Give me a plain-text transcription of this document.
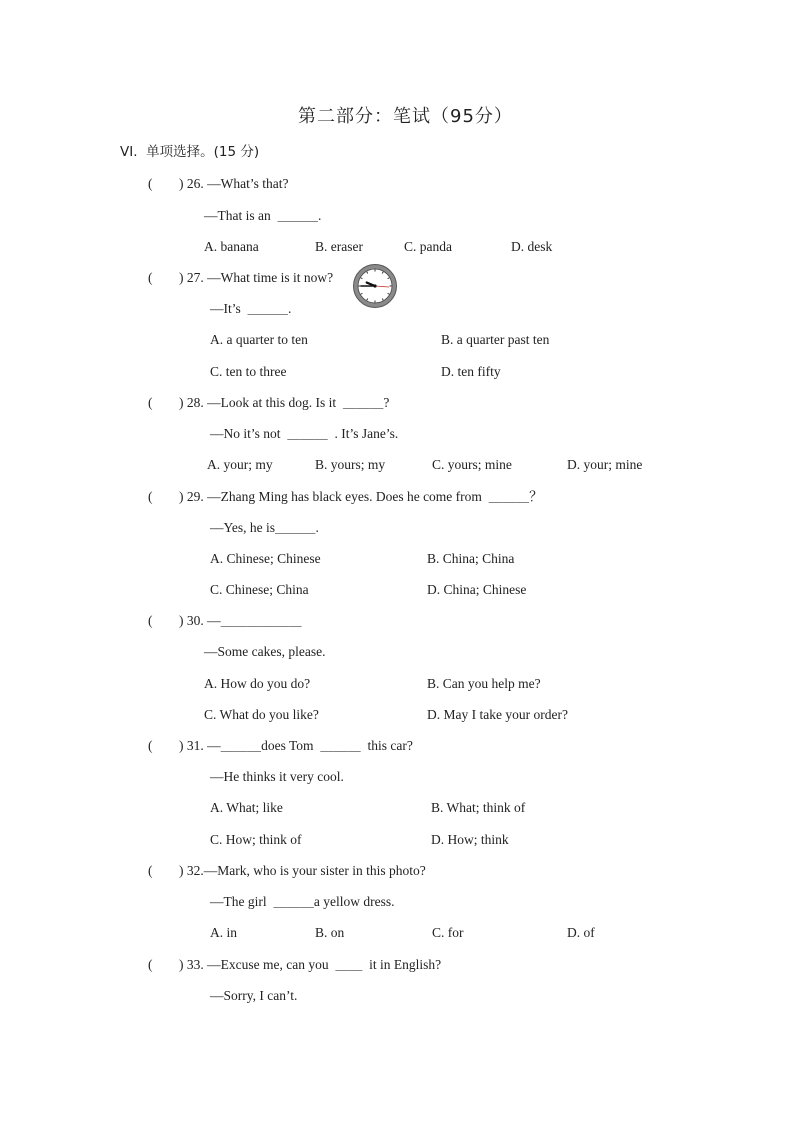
第二部分：笔试（95分）
VI.  单项选择。(15 分)
( ) 26. —What’s that?
—That is an  ＿＿＿.
A. banana	B. eraser	C. panda	D. desk
( ) 27. —What time is it now?
—It’s  ＿＿＿.
A. a quarter to ten	B. a quarter past ten
C. ten to three	D. ten fifty
( ) 28. —Look at this dog. Is it  ＿＿＿?
—No it’s not  ＿＿＿  . It’s Jane’s.
A. your; my	B. yours; my	C. yours; mine	D. your; mine
( ) 29. —Zhang Ming has black eyes. Does he come from  ＿＿＿？
—Yes, he is＿＿＿.
A. Chinese; Chinese	B. China; China
C. Chinese; China	D. China; Chinese
( ) 30. —＿＿＿＿＿＿
—Some cakes, please.
A. How do you do?	B. Can you help me?
C. What do you like?	D. May I take your order?
( ) 31. —＿＿＿does Tom  ＿＿＿  this car?
—He thinks it very cool.
A. What; like	B. What; think of
C. How; think of	D. How; think
( ) 32.—Mark, who is your sister in this photo?
—The girl  ＿＿＿a yellow dress.
A. in	B. on	C. for	D. of
( ) 33. —Excuse me, can you  ＿＿  it in English?
—Sorry, I can’t.
